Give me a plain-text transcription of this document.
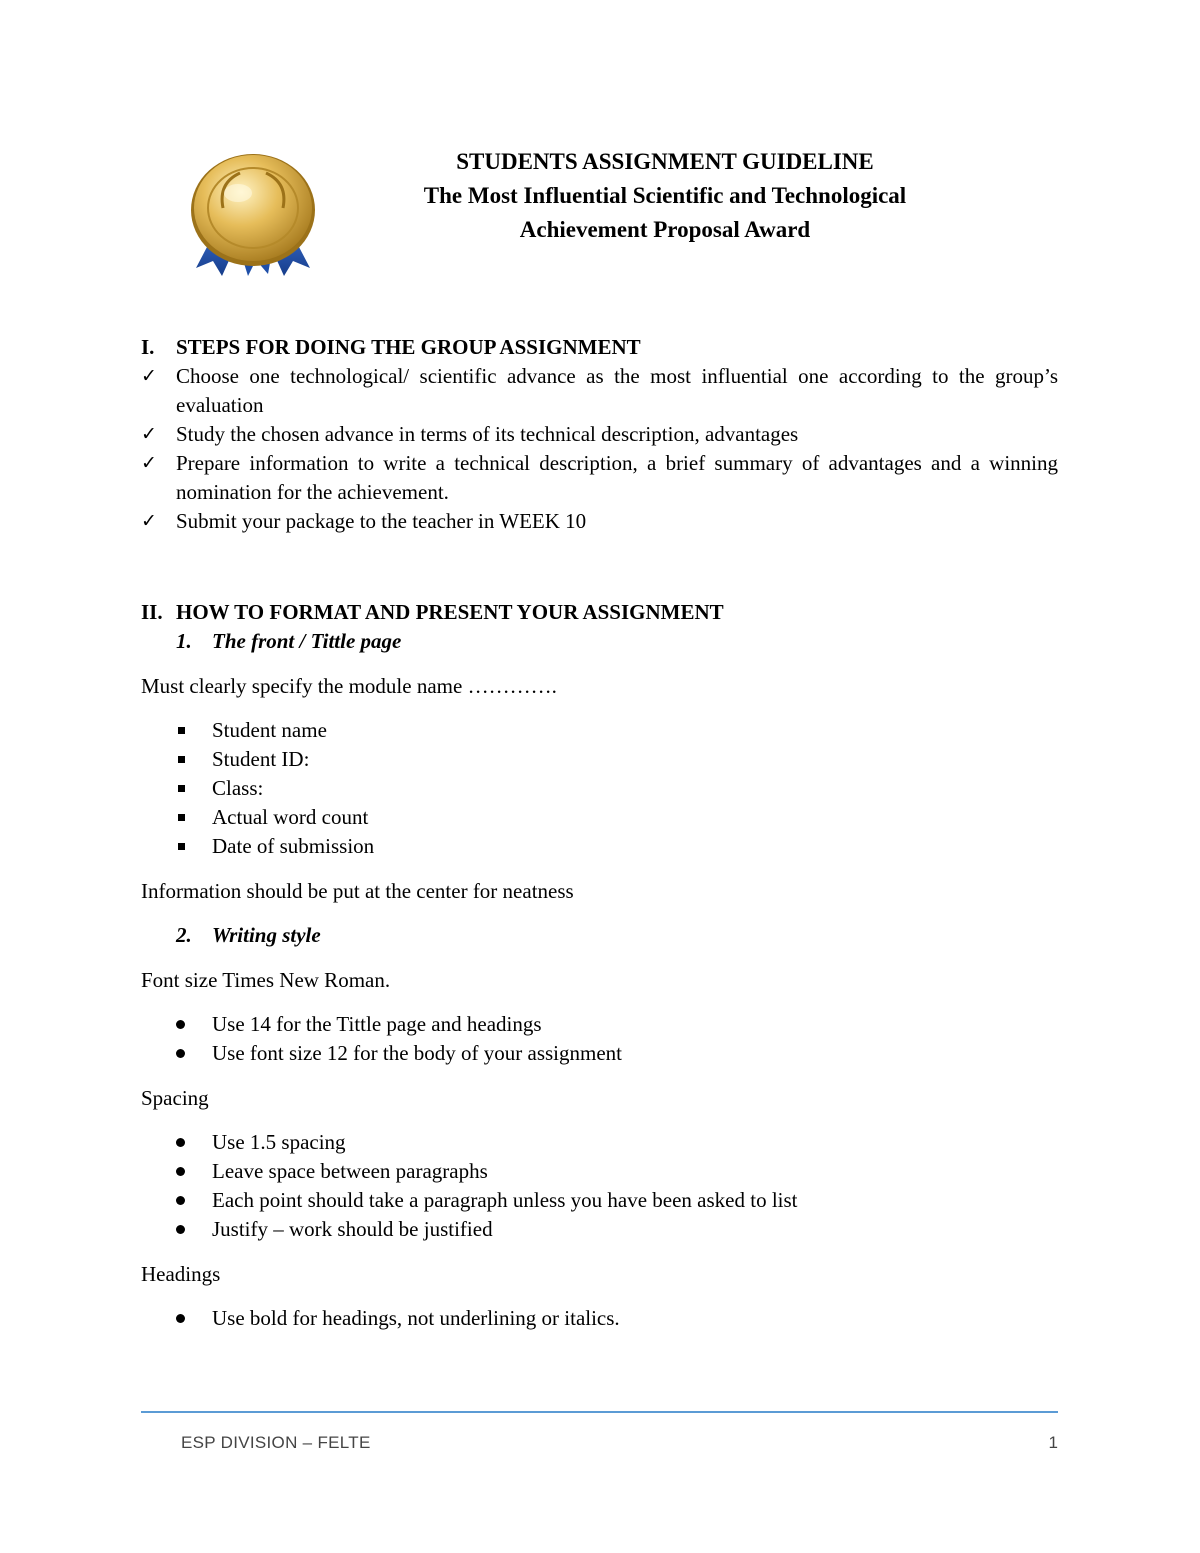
STUDENTS ASSIGNMENT GUIDELINE
The Most Influential Scientific and Technological
Achievement Proposal Award
I.	STEPS FOR DOING THE GROUP ASSIGNMENT
✓ Choose one technological/ scientific advance as the most influential one according to the group’s evaluation
✓ Study the chosen advance in terms of its technical description, advantages
✓ Prepare information to write a technical description, a brief summary of advantages and a winning nomination for the achievement.
✓ Submit your package to the teacher in WEEK 10
II. HOW TO FORMAT AND PRESENT YOUR ASSIGNMENT
1. The front / Tittle page
Must clearly specify the module name ………….
Student name
Student ID:
Class:
Actual word count
Date of submission
Information should be put at the center for neatness
2. Writing style
Font size Times New Roman.
Use 14 for the Tittle page and headings
Use font size 12 for the body of your assignment
Spacing
Use 1.5 spacing
Leave space between paragraphs
Each point should take a paragraph unless you have been asked to list
Justify – work should be justified
Headings
Use bold for headings, not underlining or italics.
ESP DIVISION – FELTE	1
